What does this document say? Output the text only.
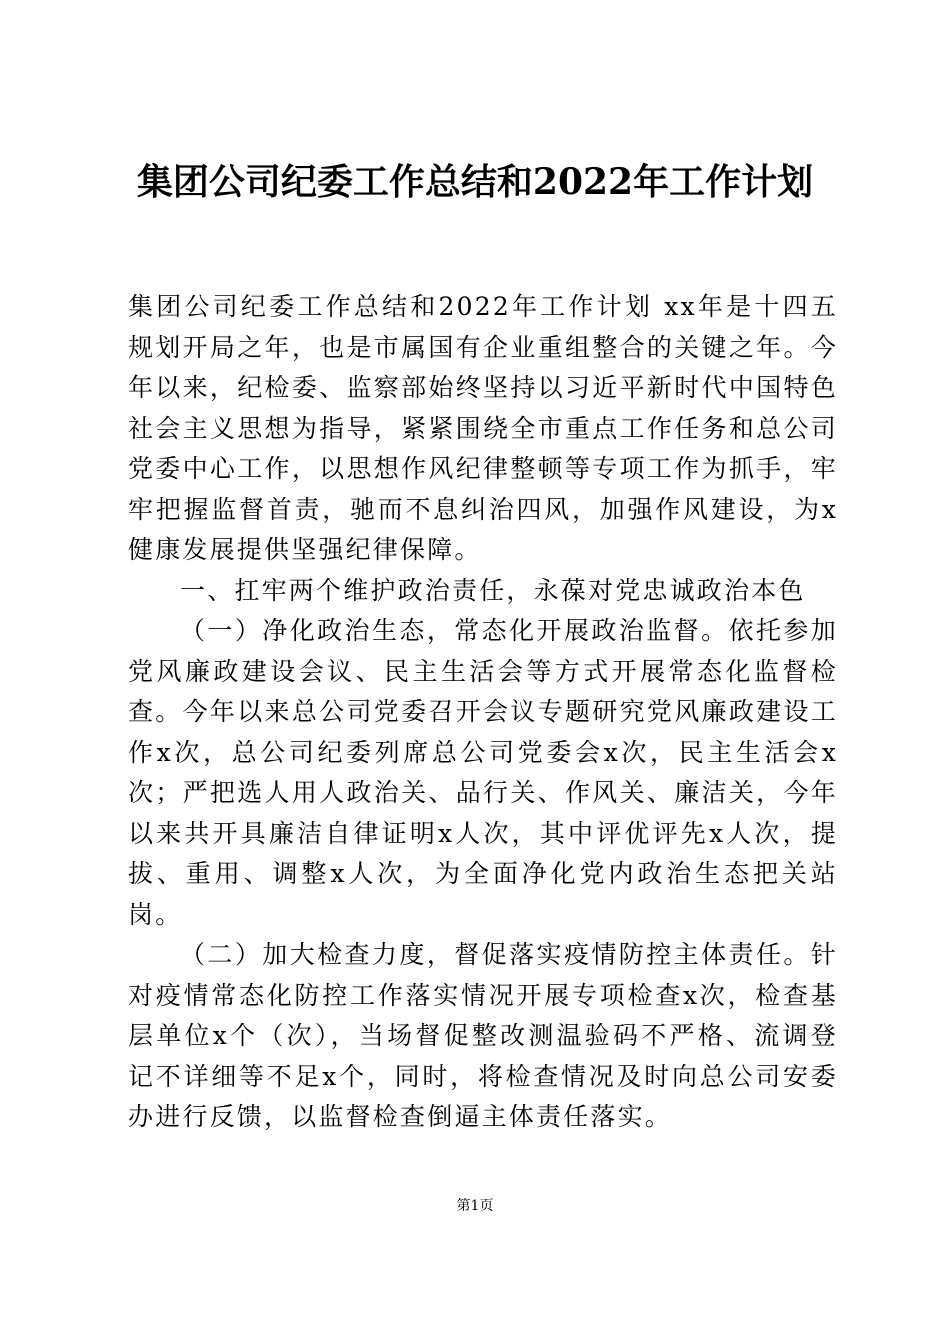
集团公司纪委工作总结和2022年工作计划

集团公司纪委工作总结和2022年工作计划 xx年是十四五规划开局之年，也是市属国有企业重组整合的关键之年。今年以来，纪检委、监察部始终坚持以习近平新时代中国特色社会主义思想为指导，紧紧围绕全市重点工作任务和总公司党委中心工作，以思想作风纪律整顿等专项工作为抓手，牢牢把握监督首责，驰而不息纠治四风，加强作风建设，为x健康发展提供坚强纪律保障。

一、扛牢两个维护政治责任，永葆对党忠诚政治本色

（一）净化政治生态，常态化开展政治监督。依托参加党风廉政建设会议、民主生活会等方式开展常态化监督检查。今年以来总公司党委召开会议专题研究党风廉政建设工作x次，总公司纪委列席总公司党委会x次，民主生活会x次；严把选人用人政治关、品行关、作风关、廉洁关，今年以来共开具廉洁自律证明x人次，其中评优评先x人次，提拔、重用、调整x人次，为全面净化党内政治生态把关站岗。

（二）加大检查力度，督促落实疫情防控主体责任。针对疫情常态化防控工作落实情况开展专项检查x次，检查基层单位x个（次），当场督促整改测温验码不严格、流调登记不详细等不足x个，同时，将检查情况及时向总公司安委办进行反馈，以监督检查倒逼主体责任落实。

第1页
